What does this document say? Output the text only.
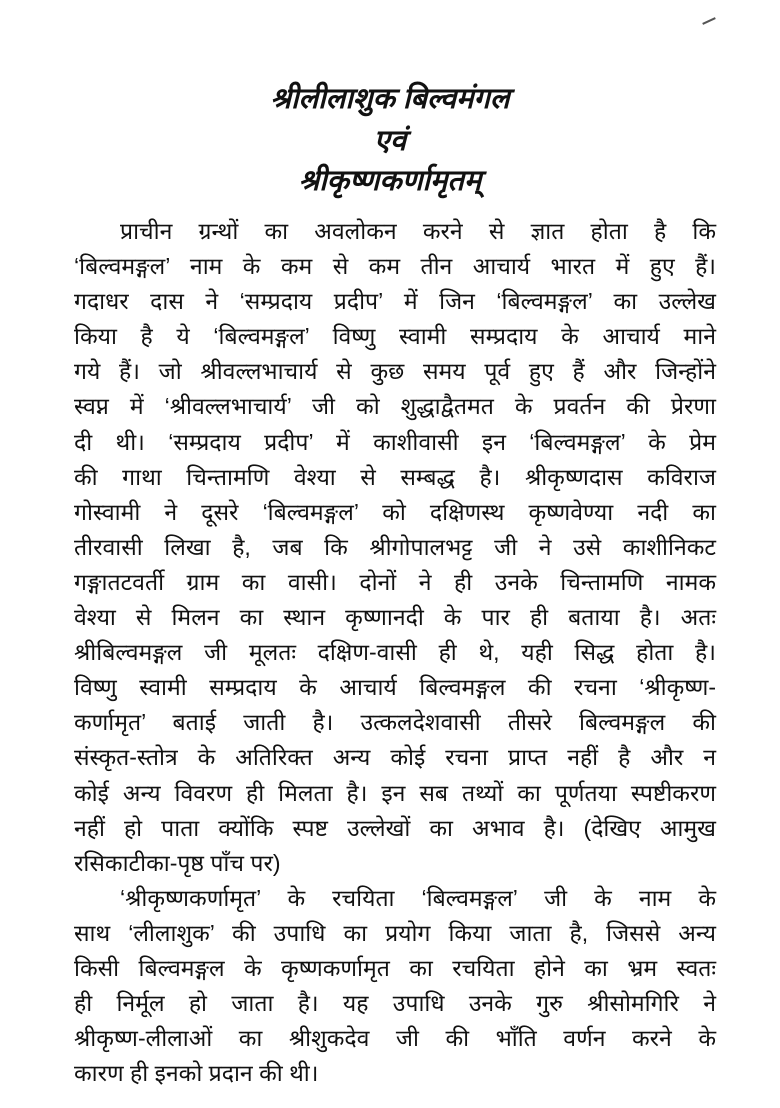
श्रीलीलाशुक बिल्वमंगल
एवं
श्रीकृष्णकर्णामृतम्
प्राचीन ग्रन्थों का अवलोकन करने से ज्ञात होता है कि
‘बिल्वमङ्गल’ नाम के कम से कम तीन आचार्य भारत में हुए हैं।
गदाधर दास ने ‘सम्प्रदाय प्रदीप’ में जिन ‘बिल्वमङ्गल’ का उल्लेख
किया है ये ‘बिल्वमङ्गल’ विष्णु स्वामी सम्प्रदाय के आचार्य माने
गये हैं। जो श्रीवल्लभाचार्य से कुछ समय पूर्व हुए हैं और जिन्होंने
स्वप्न में ‘श्रीवल्लभाचार्य’ जी को शुद्धाद्वैतमत के प्रवर्तन की प्रेरणा
दी थी। ‘सम्प्रदाय प्रदीप’ में काशीवासी इन ‘बिल्वमङ्गल’ के प्रेम
की गाथा चिन्तामणि वेश्या से सम्बद्ध है। श्रीकृष्णदास कविराज
गोस्वामी ने दूसरे ‘बिल्वमङ्गल’ को दक्षिणस्थ कृष्णवेण्या नदी का
तीरवासी लिखा है, जब कि श्रीगोपालभट्ट जी ने उसे काशीनिकट
गङ्गातटवर्ती ग्राम का वासी। दोनों ने ही उनके चिन्तामणि नामक
वेश्या से मिलन का स्थान कृष्णानदी के पार ही बताया है। अतः
श्रीबिल्वमङ्गल जी मूलतः दक्षिण-वासी ही थे, यही सिद्ध होता है।
विष्णु स्वामी सम्प्रदाय के आचार्य बिल्वमङ्गल की रचना ‘श्रीकृष्ण-
कर्णामृत’ बताई जाती है। उत्कलदेशवासी तीसरे बिल्वमङ्गल की
संस्कृत-स्तोत्र के अतिरिक्त अन्य कोई रचना प्राप्त नहीं है और न
कोई अन्य विवरण ही मिलता है। इन सब तथ्यों का पूर्णतया स्पष्टीकरण
नहीं हो पाता क्योंकि स्पष्ट उल्लेखों का अभाव है। (देखिए आमुख
रसिकाटीका-पृष्ठ पाँच पर)
‘श्रीकृष्णकर्णामृत’ के रचयिता ‘बिल्वमङ्गल’ जी के नाम के
साथ ‘लीलाशुक’ की उपाधि का प्रयोग किया जाता है, जिससे अन्य
किसी बिल्वमङ्गल के कृष्णकर्णामृत का रचयिता होने का भ्रम स्वतः
ही निर्मूल हो जाता है। यह उपाधि उनके गुरु श्रीसोमगिरि ने
श्रीकृष्ण-लीलाओं का श्रीशुकदेव जी की भाँति वर्णन करने के
कारण ही इनको प्रदान की थी।
